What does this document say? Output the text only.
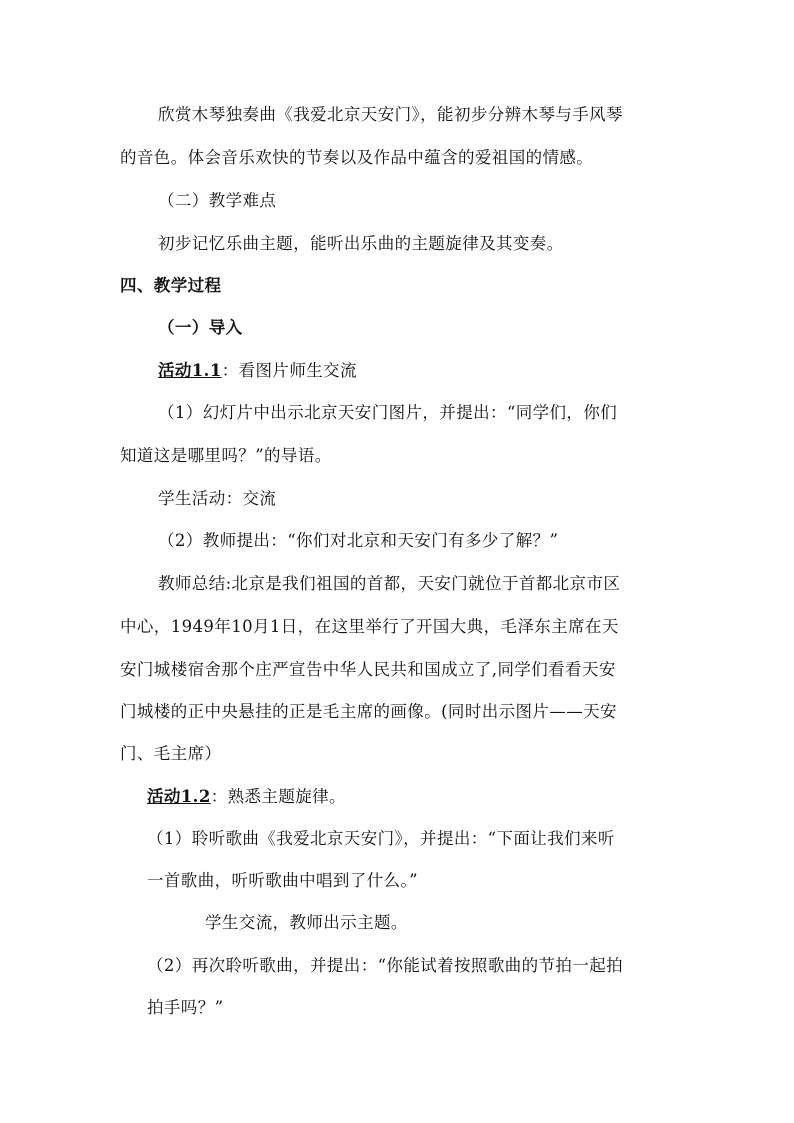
欣赏木琴独奏曲《我爱北京天安门》，能初步分辨木琴与手风琴
的音色。体会音乐欢快的节奏以及作品中蕴含的爱祖国的情感。
（二）教学难点
初步记忆乐曲主题，能听出乐曲的主题旋律及其变奏。
四、教学过程
（一）导入
活动1.1：看图片师生交流
（1）幻灯片中出示北京天安门图片，并提出：“同学们，你们
知道这是哪里吗？”的导语。
学生活动：交流
（2）教师提出：“你们对北京和天安门有多少了解？”
教师总结:北京是我们祖国的首都，天安门就位于首都北京市区
中心，1949年10月1日，在这里举行了开国大典，毛泽东主席在天
安门城楼宿舍那个庄严宣告中华人民共和国成立了,同学们看看天安
门城楼的正中央悬挂的正是毛主席的画像。(同时出示图片——天安
门、毛主席）
活动1.2：熟悉主题旋律。
（1）聆听歌曲《我爱北京天安门》，并提出：“下面让我们来听
一首歌曲，听听歌曲中唱到了什么。”
学生交流，教师出示主题。
（2）再次聆听歌曲，并提出：“你能试着按照歌曲的节拍一起拍
拍手吗？”
